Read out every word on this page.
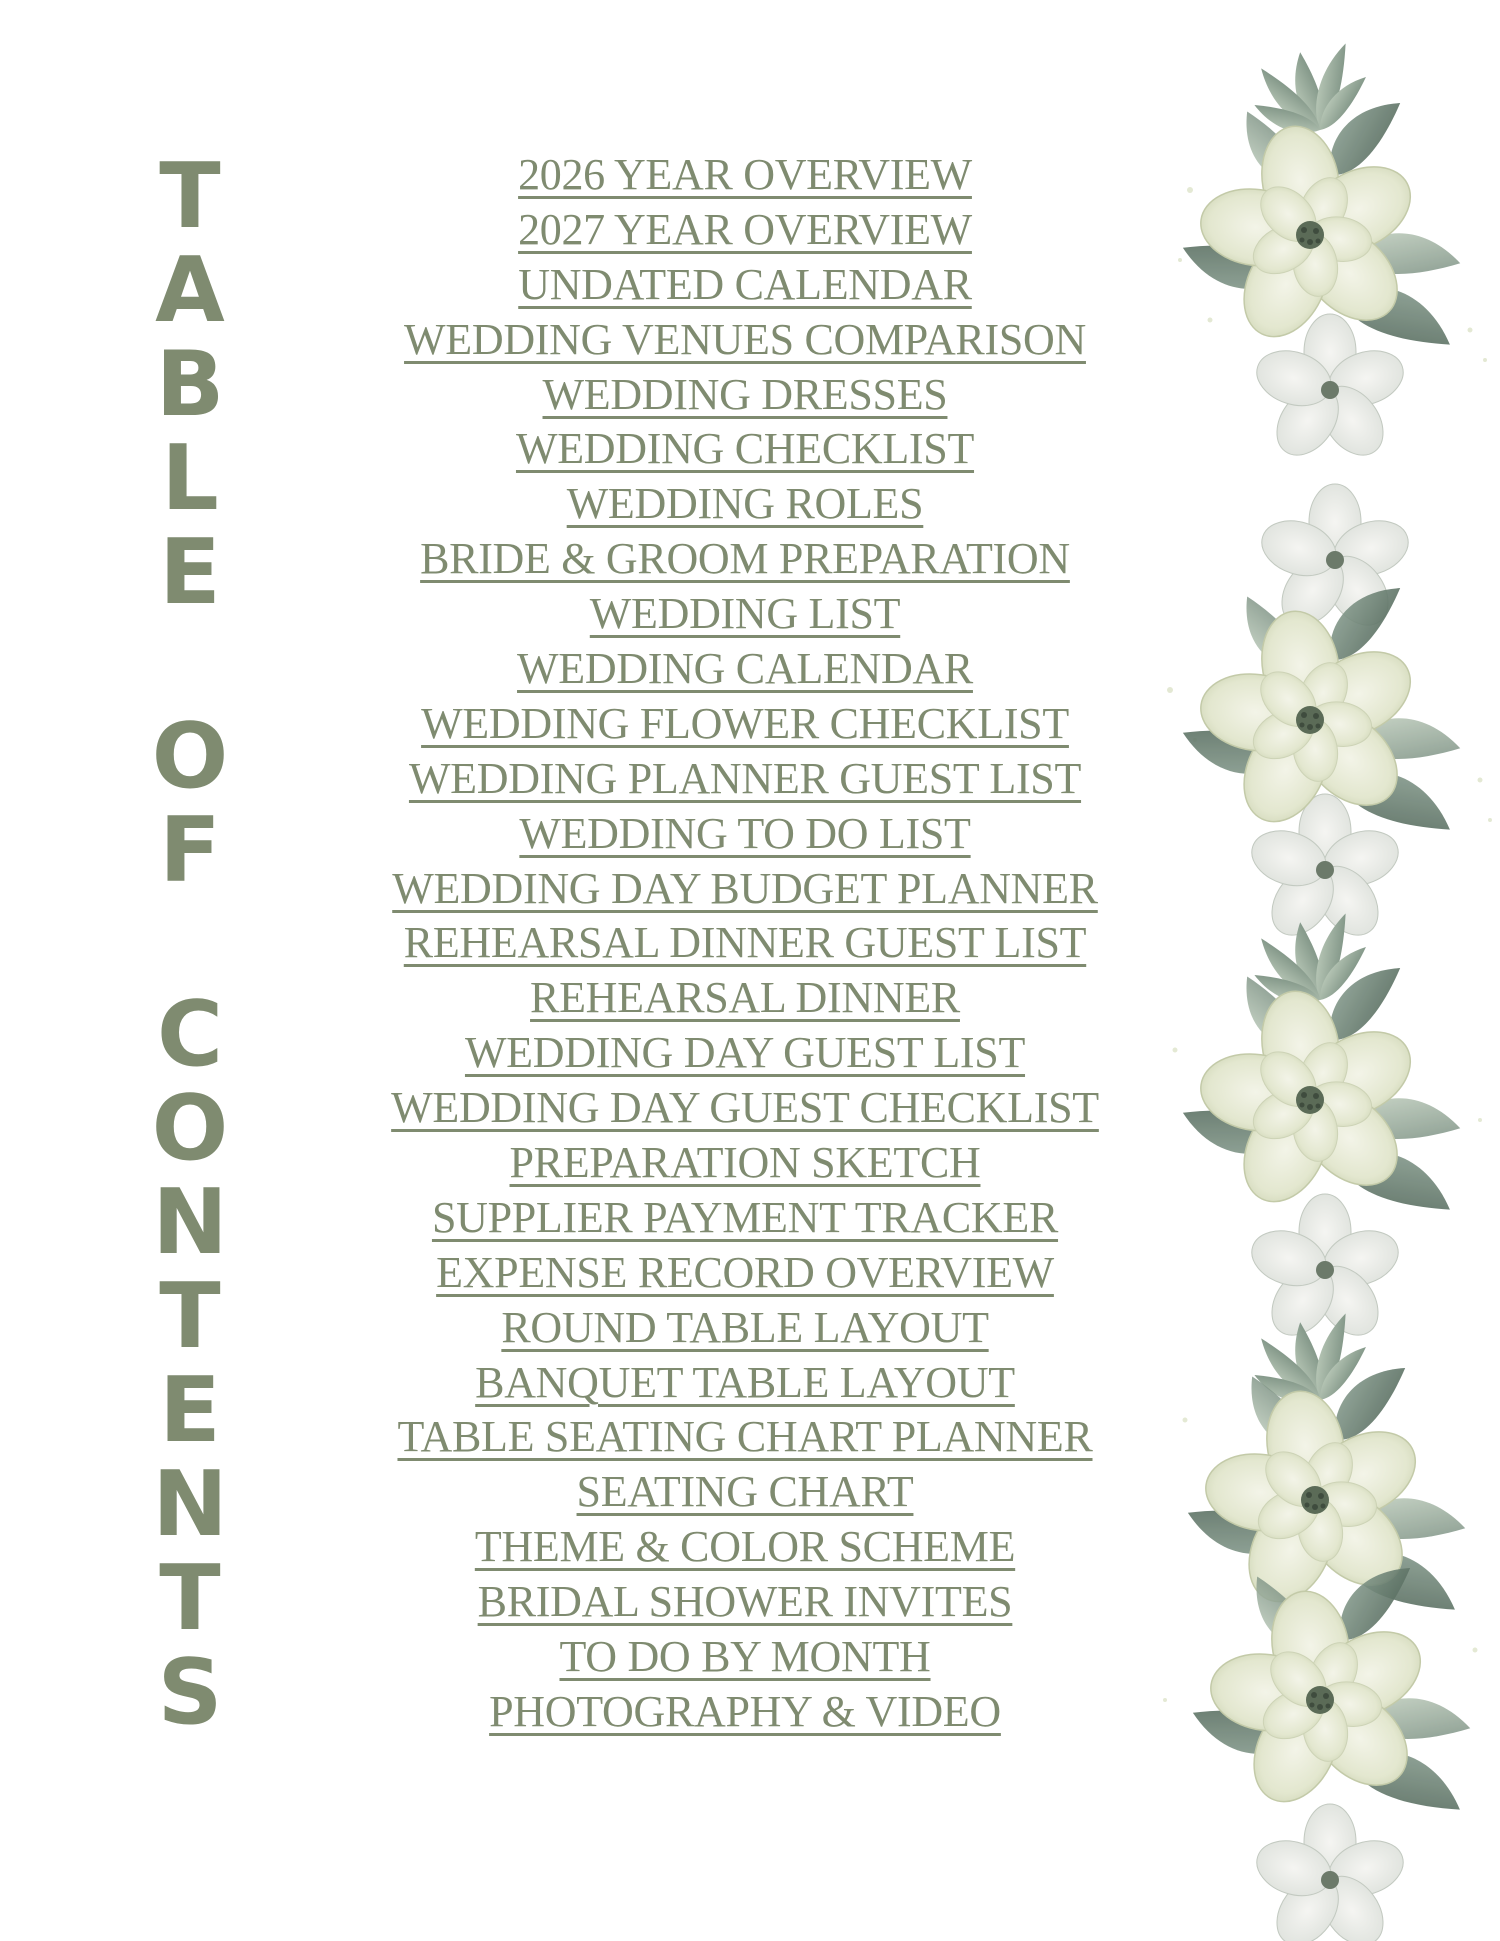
T
A
B
L
E
O
F
C
O
N
T
E
N
T
S
2026 YEAR OVERVIEW
2027 YEAR OVERVIEW
UNDATED CALENDAR
WEDDING VENUES COMPARISON
WEDDING DRESSES
WEDDING CHECKLIST
WEDDING ROLES
BRIDE & GROOM PREPARATION
WEDDING LIST
WEDDING CALENDAR
WEDDING FLOWER CHECKLIST
WEDDING PLANNER GUEST LIST
WEDDING TO DO LIST
WEDDING DAY BUDGET PLANNER
REHEARSAL DINNER GUEST LIST
REHEARSAL DINNER
WEDDING DAY GUEST LIST
WEDDING DAY GUEST CHECKLIST
PREPARATION SKETCH
SUPPLIER PAYMENT TRACKER
EXPENSE RECORD OVERVIEW
ROUND TABLE LAYOUT
BANQUET TABLE LAYOUT
TABLE SEATING CHART PLANNER
SEATING CHART
THEME & COLOR SCHEME
BRIDAL SHOWER INVITES
TO DO BY MONTH
PHOTOGRAPHY & VIDEO
